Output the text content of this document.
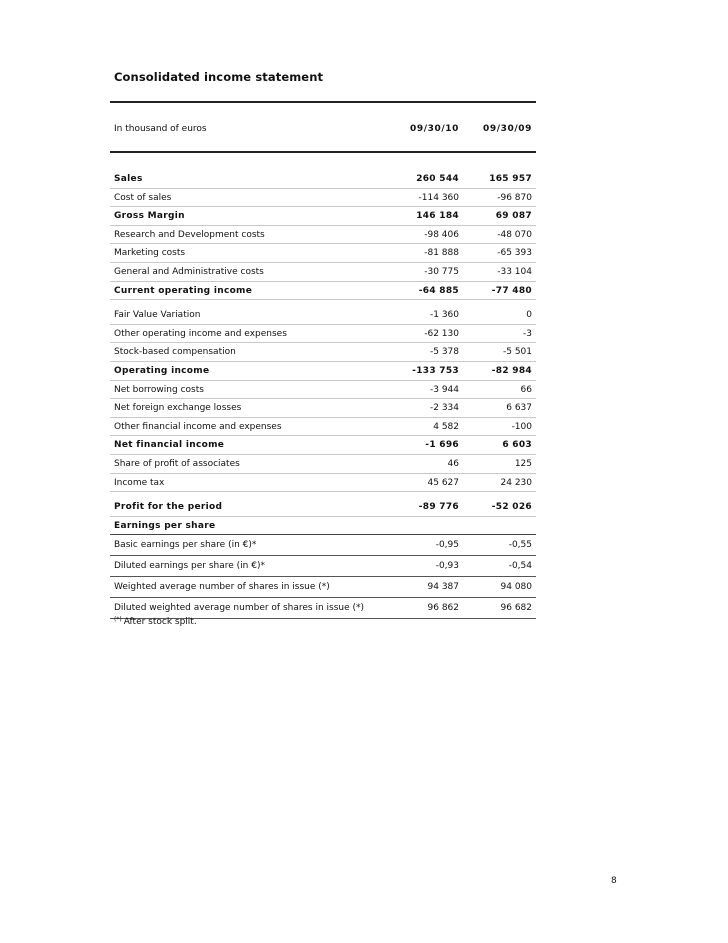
Consolidated income statement
In thousand of euros	09/30/10	09/30/09
Sales	260 544	165 957
Cost of sales	-114 360	-96 870
Gross Margin	146 184	69 087
Research and Development costs	-98 406	-48 070
Marketing costs	-81 888	-65 393
General and Administrative costs	-30 775	-33 104
Current operating income	-64 885	-77 480
Fair Value Variation	-1 360	0
Other operating income and expenses	-62 130	-3
Stock-based compensation	-5 378	-5 501
Operating income	-133 753	-82 984
Net borrowing costs	-3 944	66
Net foreign exchange losses	-2 334	6 637
Other financial income and expenses	4 582	-100
Net financial income	-1 696	6 603
Share of profit of associates	46	125
Income tax	45 627	24 230
Profit for the period	-89 776	-52 026
Earnings per share
Basic earnings per share (in €)*	-0,95	-0,55
Diluted earnings per share (in €)*	-0,93	-0,54
Weighted average number of shares in issue (*)	94 387	94 080
Diluted weighted average number of shares in issue (*)	96 862	96 682
(*) After stock split.
8
